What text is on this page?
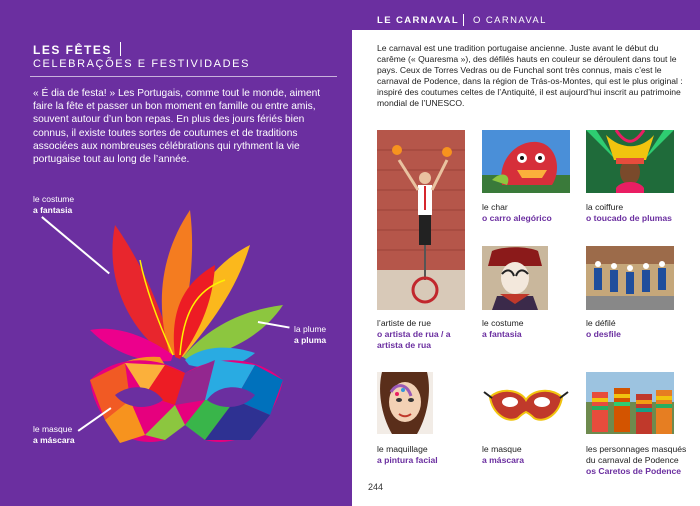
LES FÊTES
CELEBRAÇÕES E FESTIVIDADES
« É dia de festa! » Les Portugais, comme tout le monde, aiment faire la fête et passer un bon moment en famille ou entre amis, souvent autour d’un bon repas. En plus des jours fériés bien connus, il existe toutes sortes de coutumes et de traditions associées aux nombreuses célébrations qui rythment la vie portugaise tout au long de l’année.
le costume
a fantasia
la plume
a pluma
le masque
a máscara
LE CARNAVAL O CARNAVAL
Le carnaval est une tradition portugaise ancienne. Juste avant le début du carême (« Quaresma »), des défilés hauts en couleur se déroulent dans tout le pays. Ceux de Torres Vedras ou de Funchal sont très connus, mais c’est le carnaval de Podence, dans la région de Trás-os-Montes, qui est le plus original : inspiré des coutumes celtes de l’Antiquité, il est aujourd’hui inscrit au patrimoine mondial de l’UNESCO.
l’artiste de rue
o artista de rua / a artista de rua
le char
o carro alegórico
la coiffure
o toucado de plumas
le costume
a fantasia
le défilé
o desfile
le maquillage
a pintura facial
le masque
a máscara
les personnages masqués du carnaval de Podence
os Caretos de Podence
244
